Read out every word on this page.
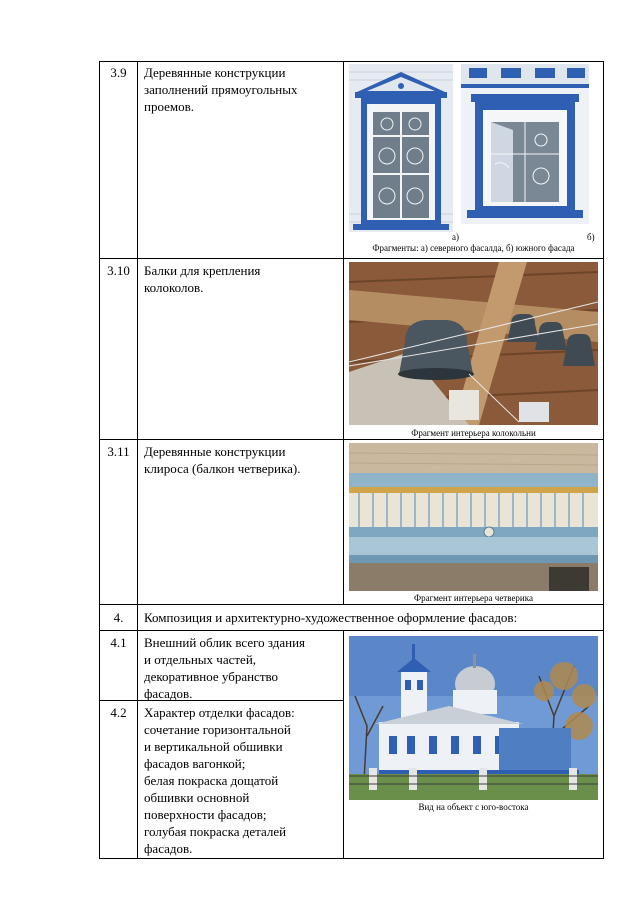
3.9	Деревянные конструкции
заполнений прямоугольных
проемов.
а)	б)
Фрагменты: а) северного фасалда, б) южного фасада
3.10	Балки для крепления
колоколов.
Фрагмент интерьера колокольни
3.11	Деревянные конструкции
клироса (балкон четверика).
Фрагмент интерьера четверика
4.	Композиция и архитектурно-художественное оформление фасадов:
4.1	Внешний облик всего здания
и отдельных частей,
декоративное убранство
фасадов.
4.2	Характер отделки фасадов:
сочетание горизонтальной
и вертикальной обшивки
фасадов вагонкой;
белая покраска дощатой
обшивки основной
поверхности фасадов;
голубая покраска деталей
фасадов.
Вид на объект с юго-востока
